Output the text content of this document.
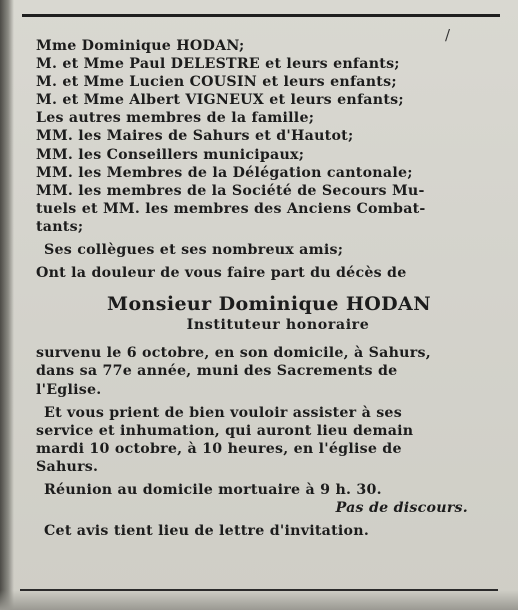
/
Mme Dominique HODAN;
M. et Mme Paul DELESTRE et leurs enfants;
M. et Mme Lucien COUSIN et leurs enfants;
M. et Mme Albert VIGNEUX et leurs enfants;
Les autres membres de la famille;
MM. les Maires de Sahurs et d'Hautot;
MM. les Conseillers municipaux;
MM. les Membres de la Délégation cantonale;
MM. les membres de la Société de Secours Mu-
tuels et MM. les membres des Anciens Combat-
tants;
Ses collègues et ses nombreux amis;
Ont la douleur de vous faire part du décès de
Monsieur Dominique HODAN
Instituteur honoraire
survenu le 6 octobre, en son domicile, à Sahurs,
dans sa 77e année, muni des Sacrements de
l'Eglise.
Et vous prient de bien vouloir assister à ses
service et inhumation, qui auront lieu demain
mardi 10 octobre, à 10 heures, en l'église de
Sahurs.
Réunion au domicile mortuaire à 9 h. 30.
Pas de discours.
Cet avis tient lieu de lettre d'invitation.
